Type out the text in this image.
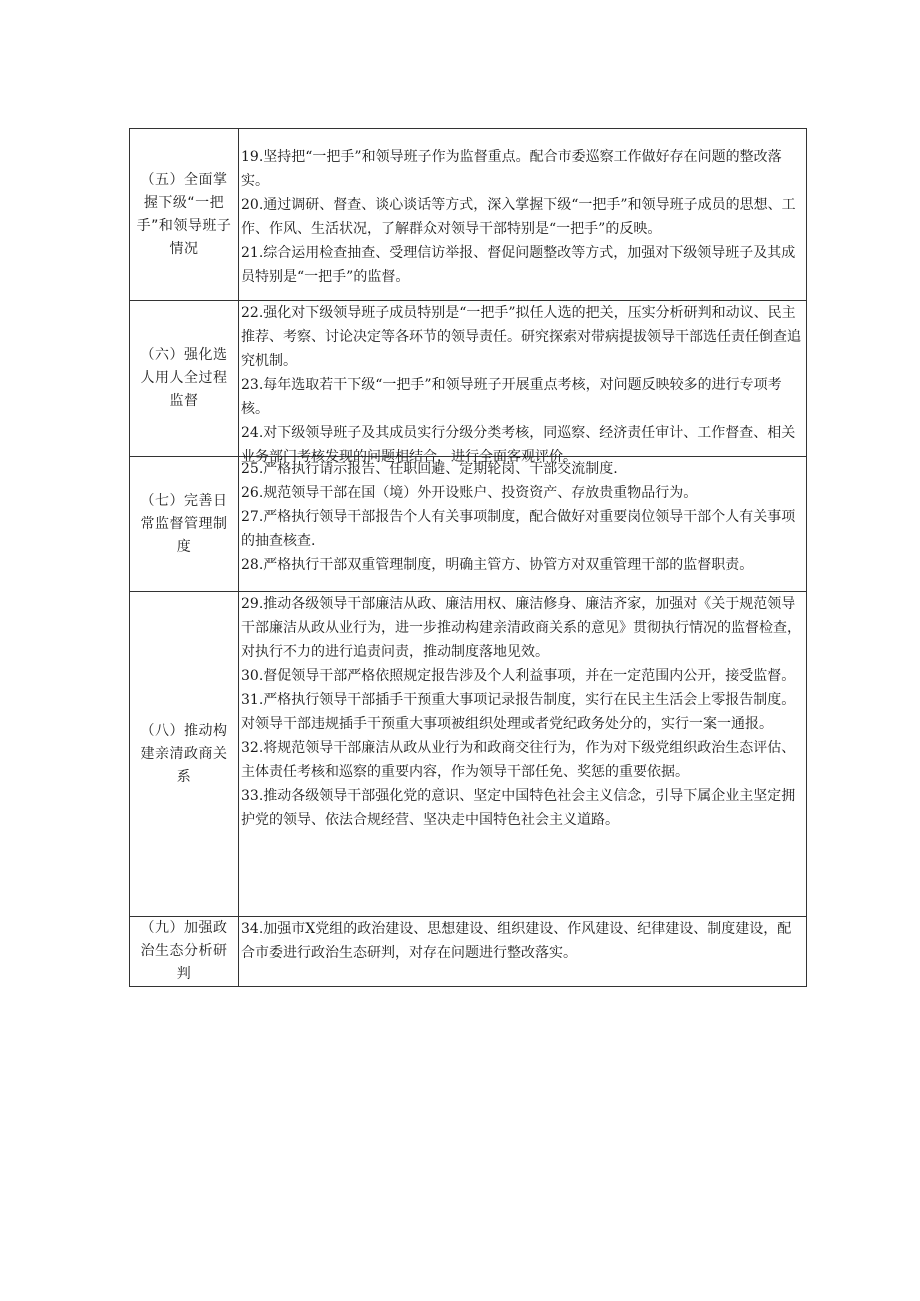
（五）全面掌握下级“一把手”和领导班子情况	19.坚持把“一把手”和领导班子作为监督重点。配合市委巡察工作做好存在问题的整改落实。

20.通过调研、督查、谈心谈话等方式，深入掌握下级“一把手”和领导班子成员的思想、工作、作风、生活状况，了解群众对领导干部特别是“一把手”的反映。

21.综合运用检查抽查、受理信访举报、督促问题整改等方式，加强对下级领导班子及其成员特别是“一把手”的监督。

（六）强化选人用人全过程监督	22.强化对下级领导班子成员特别是“一把手”拟任人选的把关，压实分析研判和动议、民主推荐、考察、讨论决定等各环节的领导责任。研究探索对带病提拔领导干部选任责任倒查追究机制。

23.每年选取若干下级“一把手”和领导班子开展重点考核，对问题反映较多的进行专项考核。

24.对下级领导班子及其成员实行分级分类考核，同巡察、经济责任审计、工作督查、相关业务部门考核发现的问题相结合，进行全面客观评价。

（七）完善日常监督管理制度	25.严格执行请示报告、任职回避、定期轮岗、干部交流制度.

26.规范领导干部在国（境）外开设账户、投资资产、存放贵重物品行为。

27.严格执行领导干部报告个人有关事项制度，配合做好对重要岗位领导干部个人有关事项的抽查核查.

28.严格执行干部双重管理制度，明确主管方、协管方对双重管理干部的监督职责。

（八）推动构建亲清政商关系	29.推动各级领导干部廉洁从政、廉洁用权、廉洁修身、廉洁齐家，加强对《关于规范领导干部廉洁从政从业行为，进一步推动构建亲清政商关系的意见》贯彻执行情况的监督检查，对执行不力的进行追责问责，推动制度落地见效。

30.督促领导干部严格依照规定报告涉及个人利益事项，并在一定范围内公开，接受监督。

31.严格执行领导干部插手干预重大事项记录报告制度，实行在民主生活会上零报告制度。对领导干部违规插手干预重大事项被组织处理或者党纪政务处分的，实行一案一通报。

32.将规范领导干部廉洁从政从业行为和政商交往行为，作为对下级党组织政治生态评估、主体责任考核和巡察的重要内容，作为领导干部任免、奖惩的重要依据。

33.推动各级领导干部强化党的意识、坚定中国特色社会主义信念，引导下属企业主坚定拥护党的领导、依法合规经营、坚决走中国特色社会主义道路。

（九）加强政治生态分析研判	34.加强市X党组的政治建设、思想建设、组织建设、作风建设、纪律建设、制度建设，配合市委进行政治生态研判，对存在问题进行整改落实。
